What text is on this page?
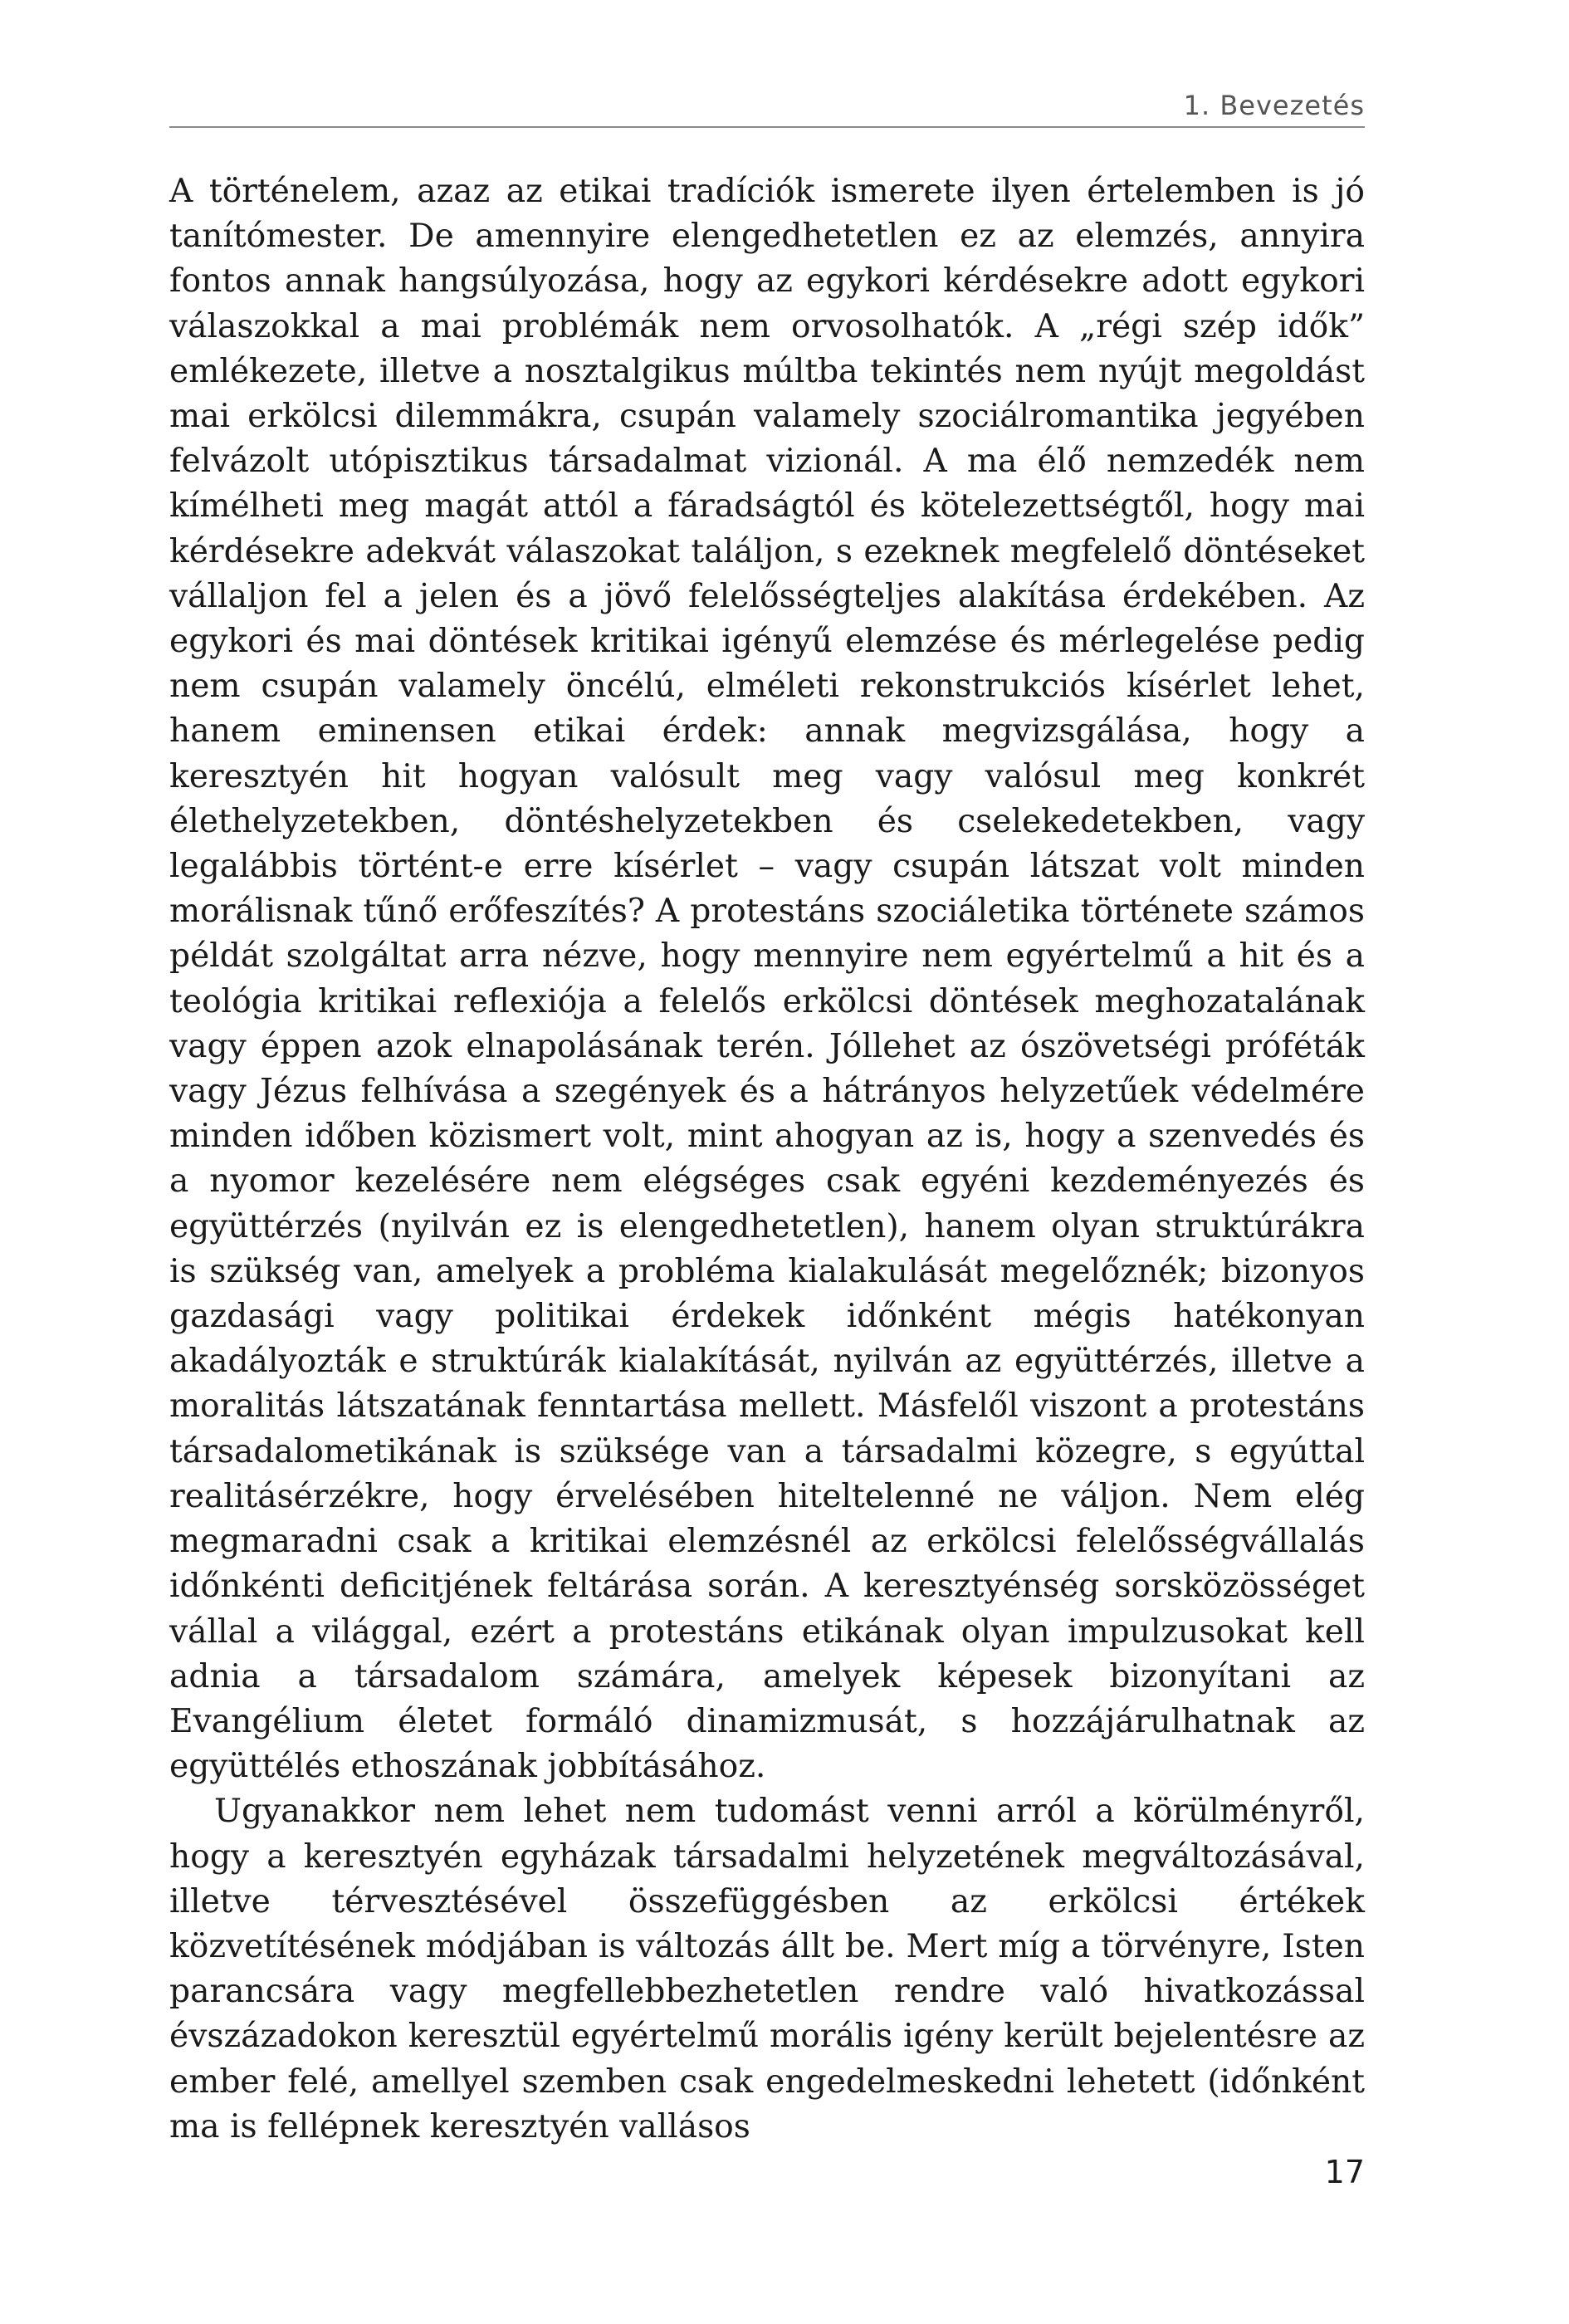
1. Bevezetés

A történelem, azaz az etikai tradíciók ismerete ilyen értelemben is jó tanítómester. De amennyire elengedhetetlen ez az elemzés, annyira fontos annak hangsúlyozása, hogy az egykori kérdésekre adott egykori válaszokkal a mai problémák nem orvosolhatók. A „régi szép idők” emlékezete, illetve a nosztalgikus múltba tekintés nem nyújt megoldást mai erkölcsi dilemmákra, csupán valamely szociálromantika jegyében felvázolt utópisztikus társadalmat vizionál. A ma élő nemzedék nem kímélheti meg magát attól a fáradságtól és kötelezettségtől, hogy mai kérdésekre adekvát válaszokat találjon, s ezeknek megfelelő döntéseket vállaljon fel a jelen és a jövő felelősségteljes alakítása érdekében. Az egykori és mai döntések kritikai igényű elemzése és mérlegelése pedig nem csupán valamely öncélú, elméleti rekonstrukciós kísérlet lehet, hanem eminensen etikai érdek: annak megvizsgálása, hogy a keresztyén hit hogyan valósult meg vagy valósul meg konkrét élethelyzetekben, döntéshelyzetekben és cselekedetekben, vagy legalábbis történt-e erre kísérlet – vagy csupán látszat volt minden morálisnak tűnő erőfeszítés? A protestáns szociáletika története számos példát szolgáltat arra nézve, hogy mennyire nem egyértelmű a hit és a teológia kritikai reflexiója a felelős erkölcsi döntések meghozatalának vagy éppen azok elnapolásának terén. Jóllehet az ószövetségi próféták vagy Jézus felhívása a szegények és a hátrányos helyzetűek védelmére minden időben közismert volt, mint ahogyan az is, hogy a szenvedés és a nyomor kezelésére nem elégséges csak egyéni kezdeményezés és együttérzés (nyilván ez is elengedhetetlen), hanem olyan struktúrákra is szükség van, amelyek a probléma kialakulását megelőznék; bizonyos gazdasági vagy politikai érdekek időnként mégis hatékonyan akadályozták e struktúrák kialakítását, nyilván az együttérzés, illetve a moralitás látszatának fenntartása mellett. Másfelől viszont a protestáns társadalometikának is szüksége van a társadalmi közegre, s egyúttal realitásérzékre, hogy érvelésében hiteltelenné ne váljon. Nem elég megmaradni csak a kritikai elemzésnél az erkölcsi felelősségvállalás időnkénti deficitjének feltárása során. A keresztyénség sorsközösséget vállal a világgal, ezért a protestáns etikának olyan impulzusokat kell adnia a társadalom számára, amelyek képesek bizonyítani az Evangélium életet formáló dinamizmusát, s hozzájárulhatnak az együttélés ethoszának jobbításához.

Ugyanakkor nem lehet nem tudomást venni arról a körülményről, hogy a keresztyén egyházak társadalmi helyzetének megváltozásával, illetve térvesztésével összefüggésben az erkölcsi értékek közvetítésének módjában is változás állt be. Mert míg a törvényre, Isten parancsára vagy megfellebbezhetetlen rendre való hivatkozással évszázadokon keresztül egyértelmű morális igény került bejelentésre az ember felé, amellyel szemben csak engedelmeskedni lehetett (időnként ma is fellépnek keresztyén vallásos

17
